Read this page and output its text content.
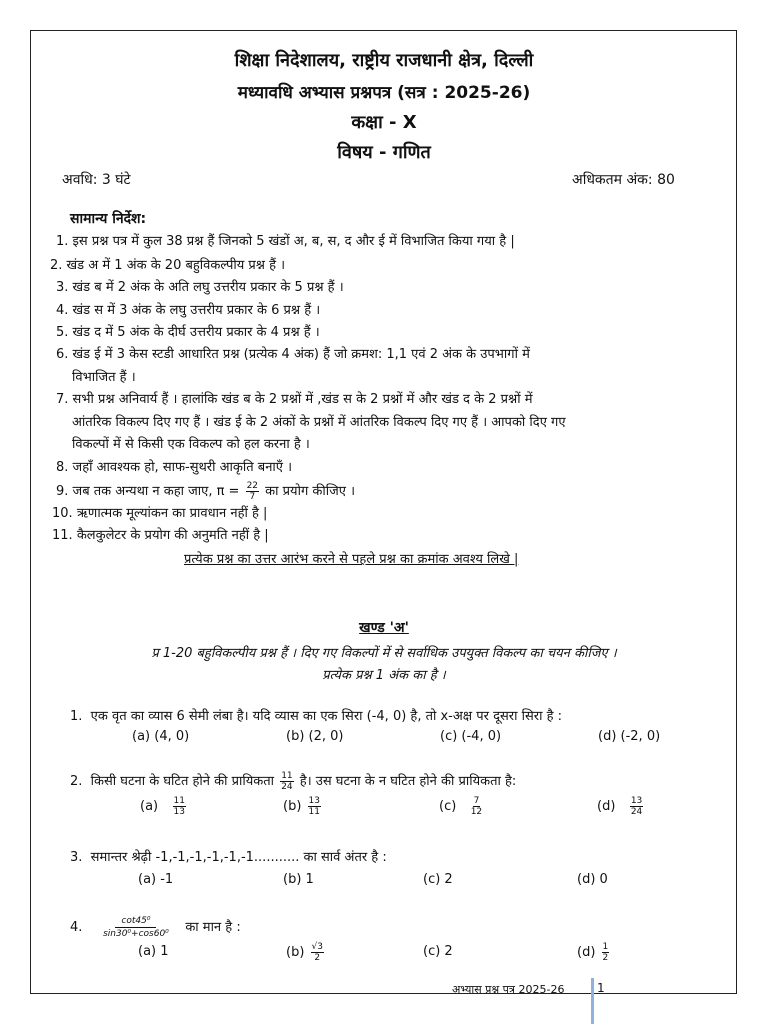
शिक्षा निदेशालय, राष्ट्रीय राजधानी क्षेत्र, दिल्ली
मध्यावधि अभ्यास प्रश्नपत्र (सत्र : 2025-26)
कक्षा - X
विषय - गणित
अवधि: 3 घंटे	अधिकतम अंक: 80
सामान्य निर्देश:
1. इस प्रश्न पत्र में कुल 38 प्रश्न हैं जिनको 5 खंडों अ, ब, स, द और ई में विभाजित किया गया है |
2. खंड अ में 1 अंक के 20 बहुविकल्पीय प्रश्न हैं ।
3. खंड ब में 2 अंक के अति लघु उत्तरीय प्रकार के 5 प्रश्न हैं ।
4. खंड स में 3 अंक के लघु उत्तरीय प्रकार के 6 प्रश्न हैं ।
5. खंड द में 5 अंक के दीर्घ उत्तरीय प्रकार के 4 प्रश्न हैं ।
6. खंड ई में 3 केस स्टडी आधारित प्रश्न (प्रत्येक 4 अंक) हैं जो क्रमश: 1,1 एवं 2 अंक के उपभागों में
विभाजित हैं ।
7. सभी प्रश्न अनिवार्य हैं । हालांकि खंड ब के 2 प्रश्नों में ,खंड स के 2 प्रश्नों में और खंड द के 2 प्रश्नों में
आंतरिक विकल्प दिए गए हैं । खंड ई के 2 अंकों के प्रश्नों में आंतरिक विकल्प दिए गए हैं । आपको दिए गए
विकल्पों में से किसी एक विकल्प को हल करना है ।
8. जहाँ आवश्यक हो, साफ-सुथरी आकृति बनाएँ ।
9. जब तक अन्यथा न कहा जाए, $\pi = \frac{22}{7}$ का प्रयोग कीजिए ।
10. ऋणात्मक मूल्यांकन का प्रावधान नहीं है |
11. कैलकुलेटर के प्रयोग की अनुमति नहीं है |
प्रत्येक प्रश्न का उत्तर आरंभ करने से पहले प्रश्न का क्रमांक अवश्य लिखे |
खण्ड 'अ'
प्र 1-20 बहुविकल्पीय प्रश्न हैं । दिए गए विकल्पों में से सर्वाधिक उपयुक्त विकल्प का चयन कीजिए ।
प्रत्येक प्रश्न 1 अंक का है ।
1. एक वृत का व्यास 6 सेमी लंबा है। यदि व्यास का एक सिरा (-4, 0) है, तो x-अक्ष पर दूसरा सिरा है :
(a) (4, 0)	(b) (2, 0)	(c) (-4, 0)	(d) (-2, 0)
2. किसी घटना के घटित होने की प्रायिकता $\frac{11}{24}$ है। उस घटना के न घटित होने की प्रायिकता है:
$(a) \frac{11}{13}$	$(b) \frac{13}{11}$	$(c) \frac{7}{12}$	$(d) \frac{13}{24}$
3. समान्तर श्रेढ़ी -1,-1,-1,-1,-1,-1........... का सार्व अंतर है :
(a) -1	(b) 1	(c) 2	(d) 0
4. $\frac{\text{cot45⁰}}{\text{sin30⁰+cos60⁰}}$ का मान है :
(a) 1	$(b) \frac{√3}{2}$	(c) 2	$(d) \frac{1}{2}$
अभ्यास प्रश्न पत्र 2025-26	1
